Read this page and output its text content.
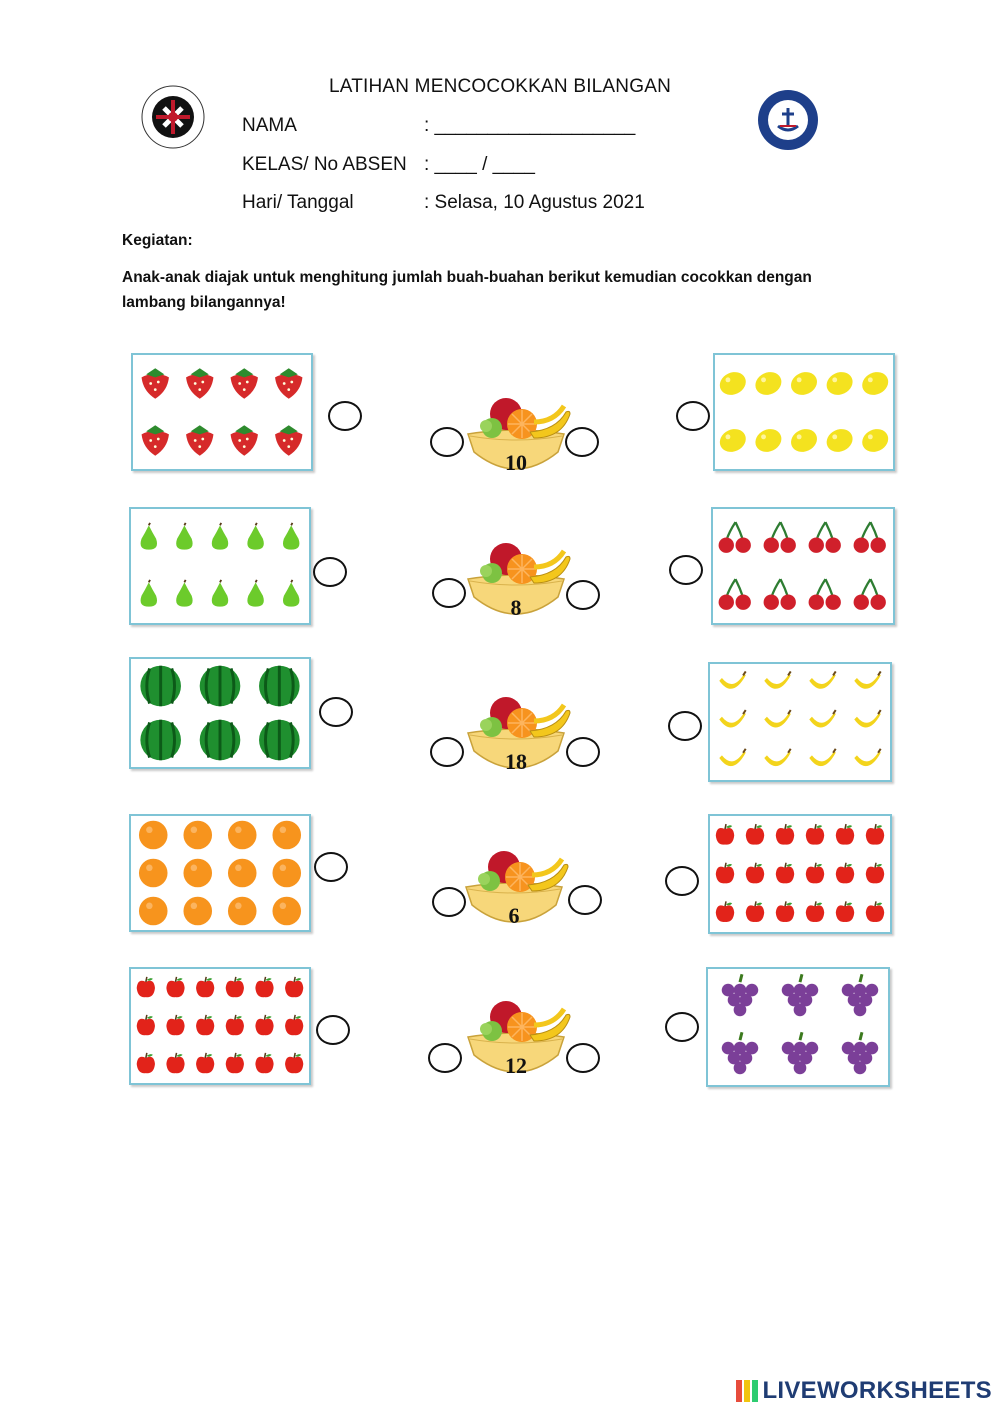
LATIHAN MENCOCOKKAN BILANGAN
NAMA	: ___________________
KELAS/ No ABSEN : ____ / ____
Hari/ Tanggal	: Selasa, 10 Agustus 2021
Kegiatan:
Anak-anak diajak untuk menghitung jumlah buah-buahan berikut kemudian cocokkan dengan
lambang bilangannya!
10
8
18
6
12
LIVEWORKSHEETS
